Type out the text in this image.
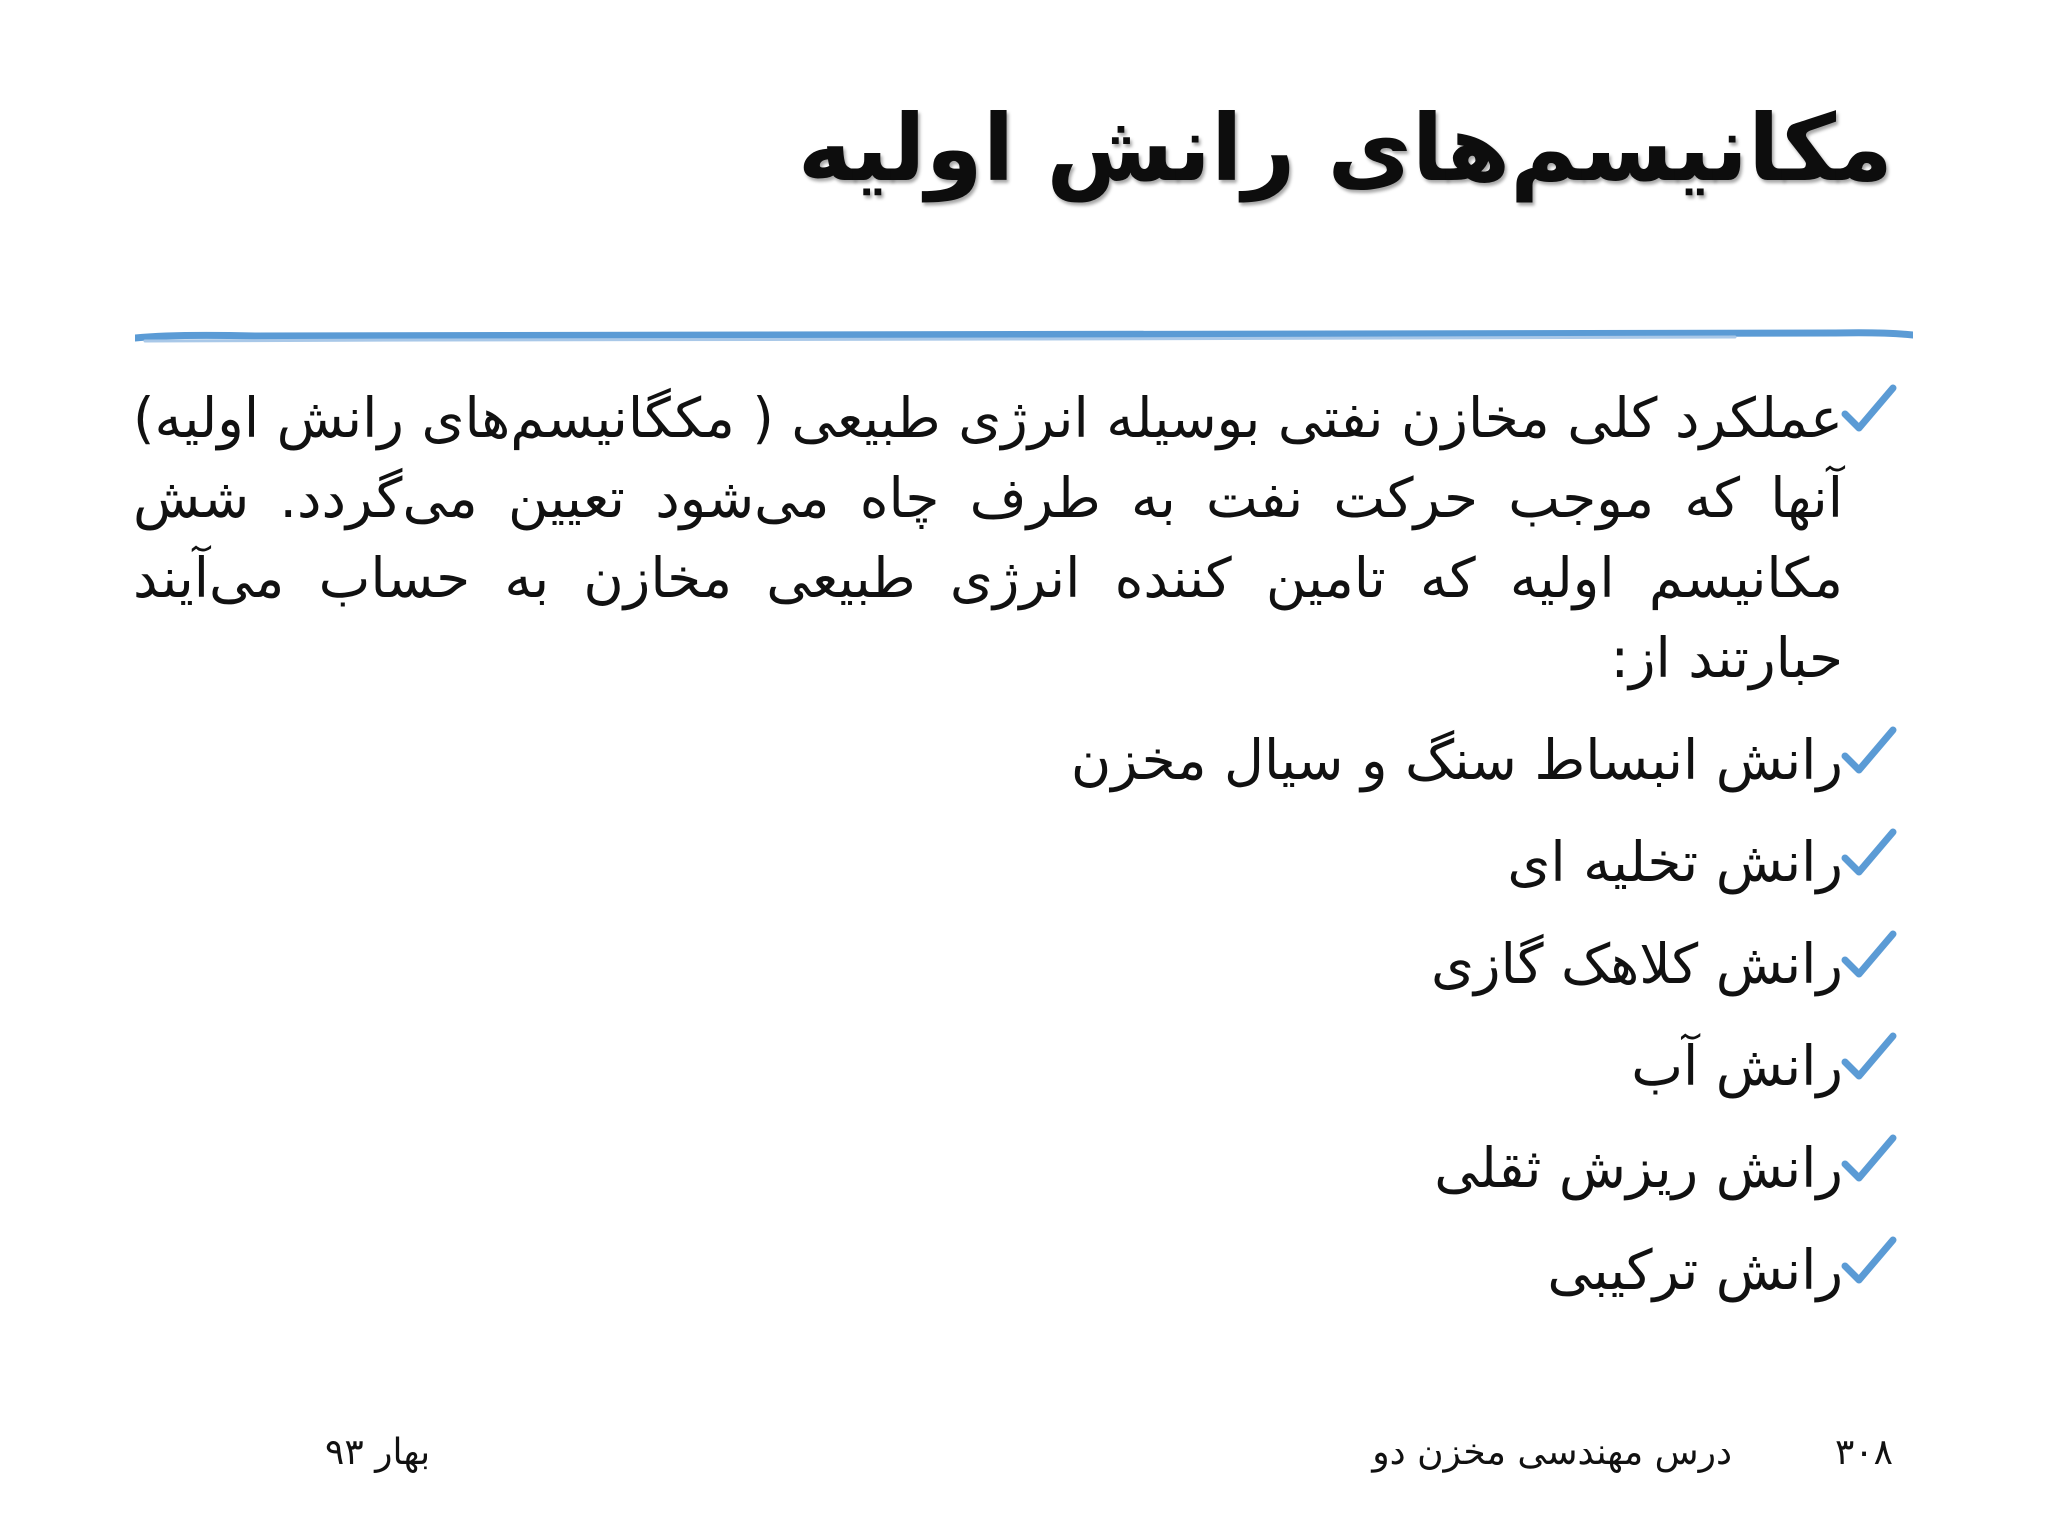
مکانیسم‌های رانش اولیه
عملکرد کلی مخازن نفتی بوسیله انرژی طبیعی ( مکگانیسم‌های رانش اولیه) آنها که موجب حرکت نفت به طرف چاه می‌شود تعیین می‌گردد. شش مکانیسم اولیه که تامین کننده انرژی طبیعی مخازن به حساب می‌آیند حبارتند از:
رانش انبساط سنگ و سیال مخزن
رانش تخلیه ای
رانش کلاهک گازی
رانش آب
رانش ریزش ثقلی
رانش ترکیبی
۳۰۸
درس مهندسی مخزن دو
بهار ۹۳
